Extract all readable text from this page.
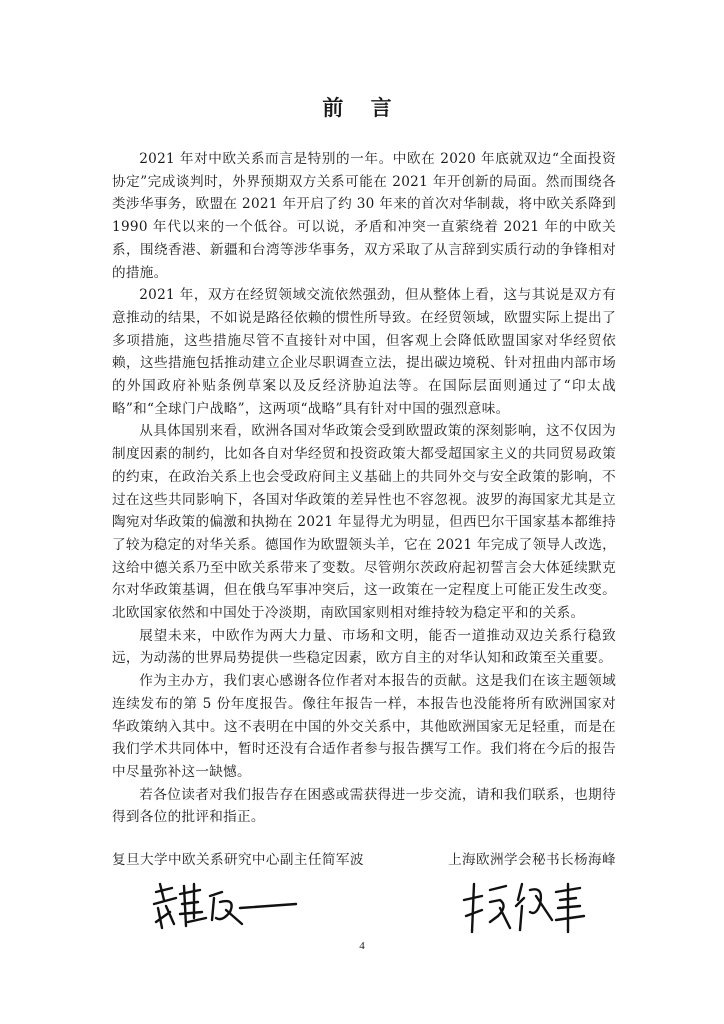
前 言

2021 年对中欧关系而言是特别的一年。中欧在 2020 年底就双边“全面投资协定”完成谈判时，外界预期双方关系可能在 2021 年开创新的局面。然而围绕各类涉华事务，欧盟在 2021 年开启了约 30 年来的首次对华制裁，将中欧关系降到 1990 年代以来的一个低谷。可以说，矛盾和冲突一直萦绕着 2021 年的中欧关系，围绕香港、新疆和台湾等涉华事务，双方采取了从言辞到实质行动的争锋相对的措施。

2021 年，双方在经贸领域交流依然强劲，但从整体上看，这与其说是双方有意推动的结果，不如说是路径依赖的惯性所导致。在经贸领域，欧盟实际上提出了多项措施，这些措施尽管不直接针对中国，但客观上会降低欧盟国家对华经贸依赖，这些措施包括推动建立企业尽职调查立法，提出碳边境税、针对扭曲内部市场的外国政府补贴条例草案以及反经济胁迫法等。在国际层面则通过了“印太战略”和“全球门户战略”，这两项“战略”具有针对中国的强烈意味。

从具体国别来看，欧洲各国对华政策会受到欧盟政策的深刻影响，这不仅因为制度因素的制约，比如各自对华经贸和投资政策大都受超国家主义的共同贸易政策的约束，在政治关系上也会受政府间主义基础上的共同外交与安全政策的影响，不过在这些共同影响下，各国对华政策的差异性也不容忽视。波罗的海国家尤其是立陶宛对华政策的偏激和执拗在 2021 年显得尤为明显，但西巴尔干国家基本都维持了较为稳定的对华关系。德国作为欧盟领头羊，它在 2021 年完成了领导人改选，这给中德关系乃至中欧关系带来了变数。尽管朔尔茨政府起初誓言会大体延续默克尔对华政策基调，但在俄乌军事冲突后，这一政策在一定程度上可能正发生改变。北欧国家依然和中国处于冷淡期，南欧国家则相对维持较为稳定平和的关系。

展望未来，中欧作为两大力量、市场和文明，能否一道推动双边关系行稳致远，为动荡的世界局势提供一些稳定因素，欧方自主的对华认知和政策至关重要。

作为主办方，我们衷心感谢各位作者对本报告的贡献。这是我们在该主题领域连续发布的第 5 份年度报告。像往年报告一样，本报告也没能将所有欧洲国家对华政策纳入其中。这不表明在中国的外交关系中，其他欧洲国家无足轻重，而是在我们学术共同体中，暂时还没有合适作者参与报告撰写工作。我们将在今后的报告中尽量弥补这一缺憾。

若各位读者对我们报告存在困惑或需获得进一步交流，请和我们联系，也期待得到各位的批评和指正。

复旦大学中欧关系研究中心副主任简军波	上海欧洲学会秘书长杨海峰
4
